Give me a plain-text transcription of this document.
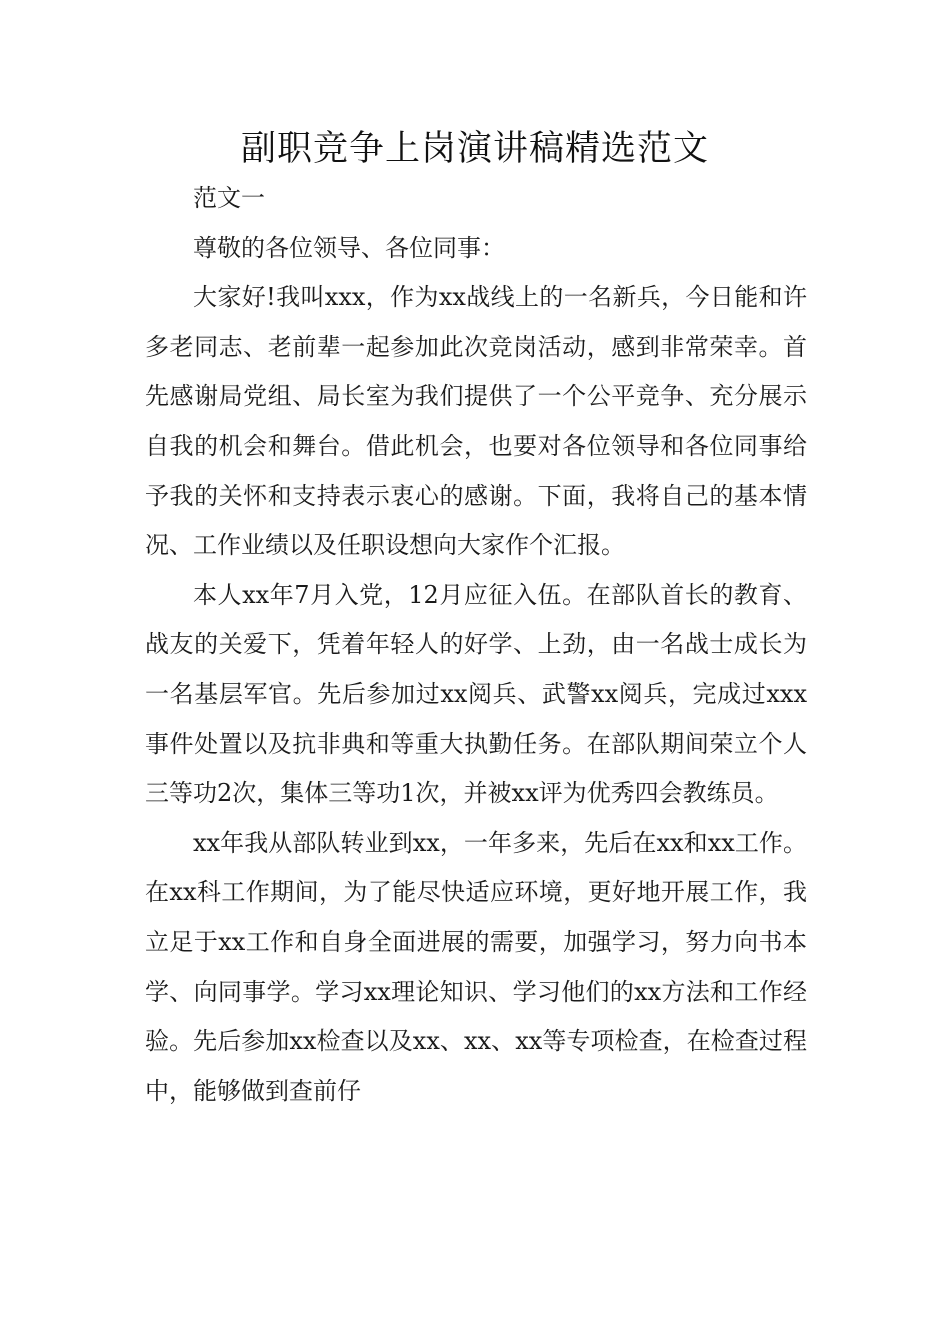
副职竞争上岗演讲稿精选范文

范文一

尊敬的各位领导、各位同事：

大家好!我叫xxx，作为xx战线上的一名新兵，今日能和许多老同志、老前辈一起参加此次竞岗活动，感到非常荣幸。首先感谢局党组、局长室为我们提供了一个公平竞争、充分展示自我的机会和舞台。借此机会，也要对各位领导和各位同事给予我的关怀和支持表示衷心的感谢。下面，我将自己的基本情况、工作业绩以及任职设想向大家作个汇报。

本人xx年7月入党，12月应征入伍。在部队首长的教育、战友的关爱下，凭着年轻人的好学、上劲，由一名战士成长为一名基层军官。先后参加过xx阅兵、武警xx阅兵，完成过xxx事件处置以及抗非典和等重大执勤任务。在部队期间荣立个人三等功2次，集体三等功1次，并被xx评为优秀四会教练员。

xx年我从部队转业到xx，一年多来，先后在xx和xx工作。在xx科工作期间，为了能尽快适应环境，更好地开展工作，我立足于xx工作和自身全面进展的需要，加强学习，努力向书本学、向同事学。学习xx理论知识、学习他们的xx方法和工作经验。先后参加xx检查以及xx、xx、xx等专项检查，在检查过程中，能够做到查前仔
